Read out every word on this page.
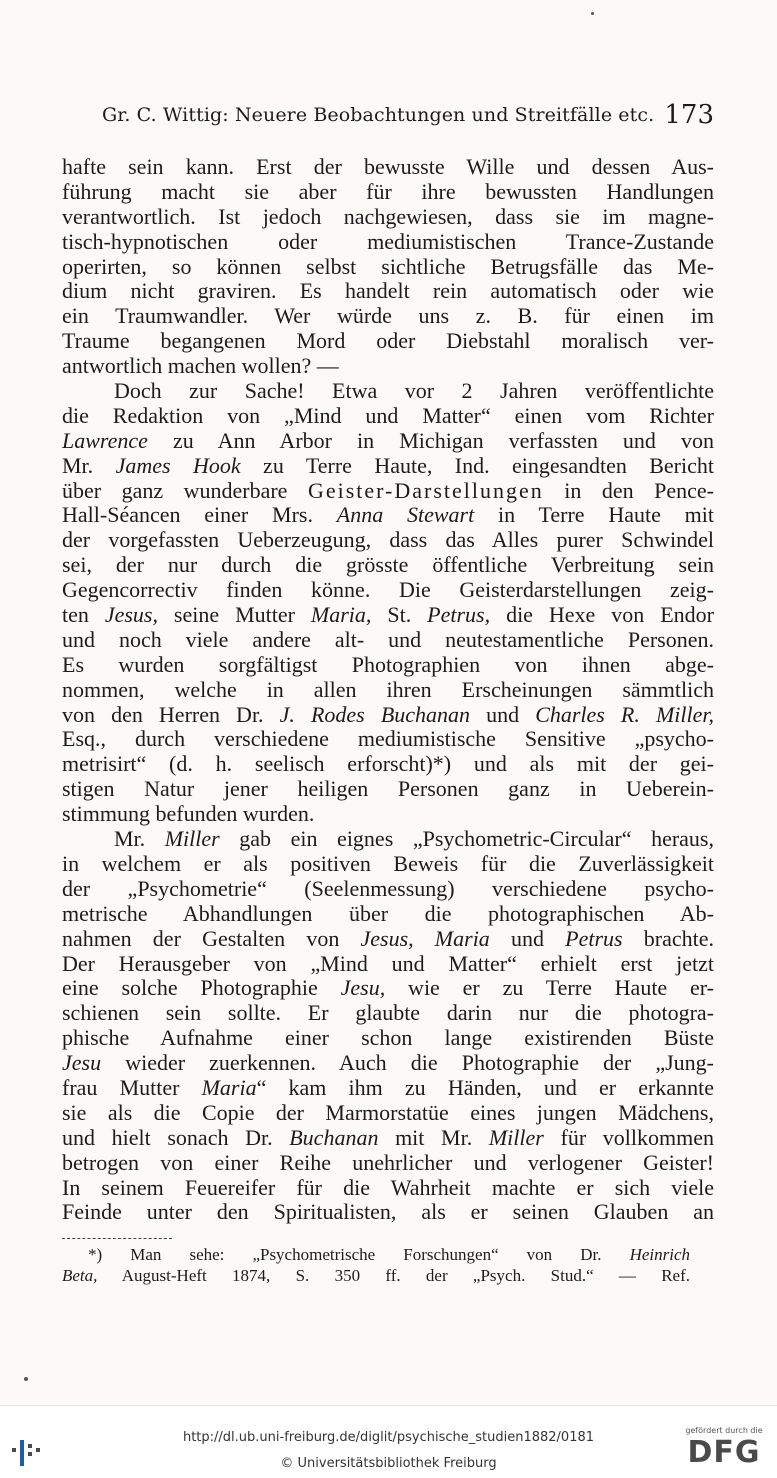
Gr. C. Wittig: Neuere Beobachtungen und Streitfälle etc. 173
hafte sein kann. Erst der bewusste Wille und dessen Aus-
führung macht sie aber für ihre bewussten Handlungen
verantwortlich. Ist jedoch nachgewiesen, dass sie im magne-
tisch-hypnotischen oder mediumistischen Trance-Zustande
operirten, so können selbst sichtliche Betrugsfälle das Me-
dium nicht graviren. Es handelt rein automatisch oder wie
ein Traumwandler. Wer würde uns z. B. für einen im
Traume begangenen Mord oder Diebstahl moralisch ver-
antwortlich machen wollen? —
Doch zur Sache! Etwa vor 2 Jahren veröffentlichte
die Redaktion von „Mind und Matter“ einen vom Richter
Lawrence zu Ann Arbor in Michigan verfassten und von
Mr. James Hook zu Terre Haute, Ind. eingesandten Bericht
über ganz wunderbare Geister-Darstellungen in den Pence-
Hall-Séancen einer Mrs. Anna Stewart in Terre Haute mit
der vorgefassten Ueberzeugung, dass das Alles purer Schwindel
sei, der nur durch die grösste öffentliche Verbreitung sein
Gegencorrectiv finden könne. Die Geisterdarstellungen zeig-
ten Jesus, seine Mutter Maria, St. Petrus, die Hexe von Endor
und noch viele andere alt- und neutestamentliche Personen.
Es wurden sorgfältigst Photographien von ihnen abge-
nommen, welche in allen ihren Erscheinungen sämmtlich
von den Herren Dr. J. Rodes Buchanan und Charles R. Miller,
Esq., durch verschiedene mediumistische Sensitive „psycho-
metrisirt“ (d. h. seelisch erforscht)*) und als mit der gei-
stigen Natur jener heiligen Personen ganz in Ueberein-
stimmung befunden wurden.
Mr. Miller gab ein eignes „Psychometric-Circular“ heraus,
in welchem er als positiven Beweis für die Zuverlässigkeit
der „Psychometrie“ (Seelenmessung) verschiedene psycho-
metrische Abhandlungen über die photographischen Ab-
nahmen der Gestalten von Jesus, Maria und Petrus brachte.
Der Herausgeber von „Mind und Matter“ erhielt erst jetzt
eine solche Photographie Jesu, wie er zu Terre Haute er-
schienen sein sollte. Er glaubte darin nur die photogra-
phische Aufnahme einer schon lange existirenden Büste
Jesu wieder zuerkennen. Auch die Photographie der „Jung-
frau Mutter Maria“ kam ihm zu Händen, und er erkannte
sie als die Copie der Marmorstatüe eines jungen Mädchens,
und hielt sonach Dr. Buchanan mit Mr. Miller für vollkommen
betrogen von einer Reihe unehrlicher und verlogener Geister!
In seinem Feuereifer für die Wahrheit machte er sich viele
Feinde unter den Spiritualisten, als er seinen Glauben an
*) Man sehe: „Psychometrische Forschungen“ von Dr. Heinrich
Beta, August-Heft 1874, S. 350 ff. der „Psych. Stud.“ — Ref.
http://dl.ub.uni-freiburg.de/diglit/psychische_studien1882/0181
© Universitätsbibliothek Freiburg
gefördert durch die
DFG
